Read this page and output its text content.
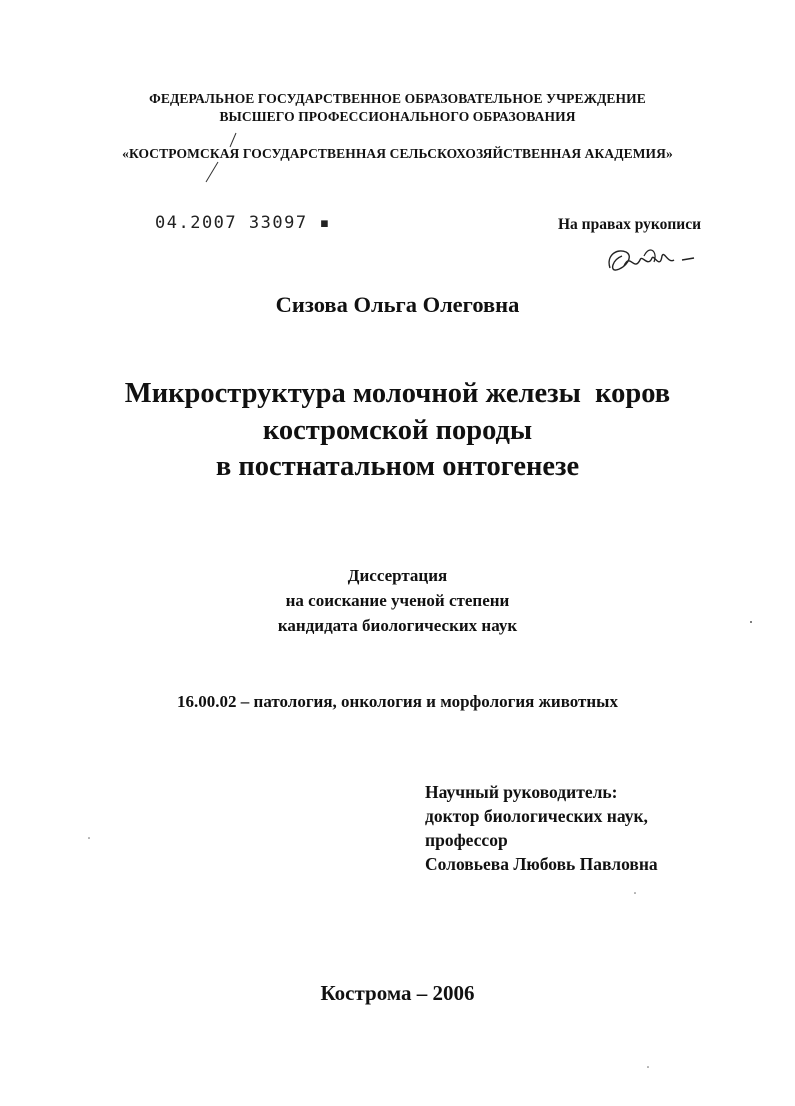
ФЕДЕРАЛЬНОЕ ГОСУДАРСТВЕННОЕ ОБРАЗОВАТЕЛЬНОЕ УЧРЕЖДЕНИЕ
ВЫСШЕГО ПРОФЕССИОНАЛЬНОГО ОБРАЗОВАНИЯ
«КОСТРОМСКАЯ ГОСУДАРСТВЕННАЯ СЕЛЬСКОХОЗЯЙСТВЕННАЯ АКАДЕМИЯ»
04.2007 33097 ▪	На правах рукописи
Сизова Ольга Олеговна
Микроструктура молочной железы  коров
костромской породы
в постнатальном онтогенезе
Диссертация
на соискание ученой степени
кандидата биологических наук
16.00.02 – патология, онкология и морфология животных
Научный руководитель:
доктор биологических наук,
профессор
Соловьева Любовь Павловна
Кострома – 2006
